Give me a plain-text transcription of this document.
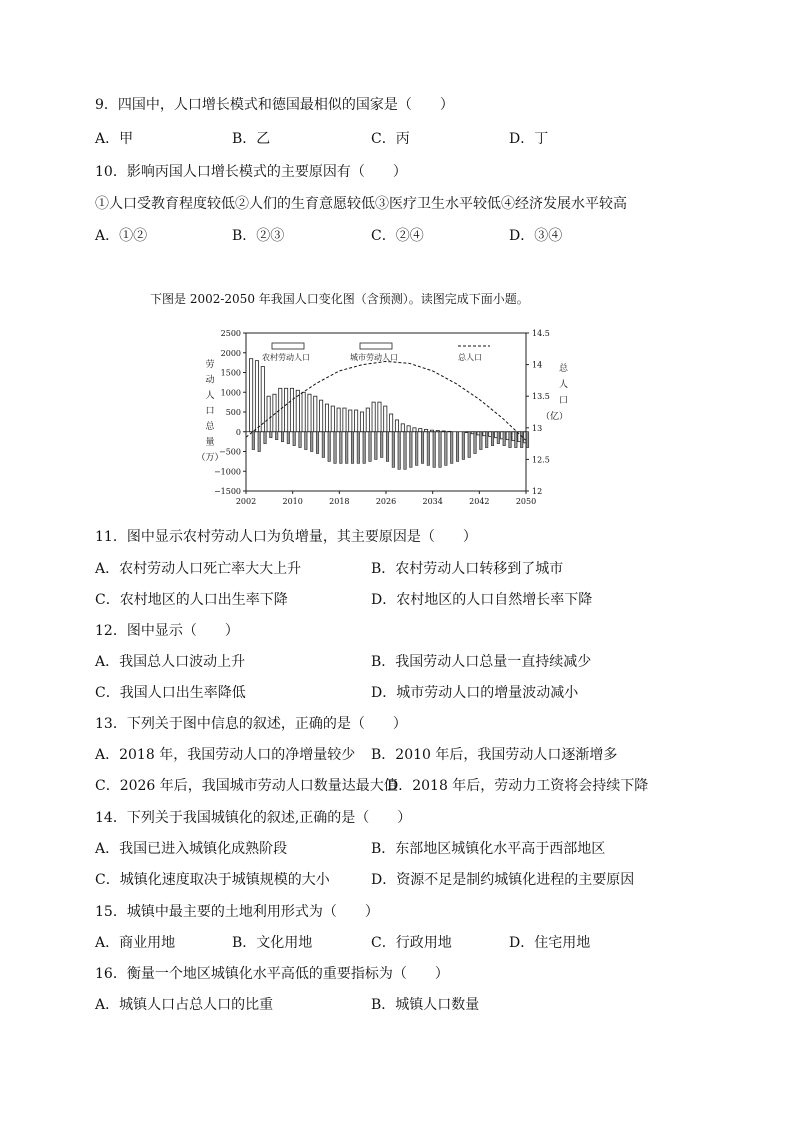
9．四国中，人口增长模式和德国最相似的国家是（　　）
A．甲	B．乙	C．丙	D．丁
10．影响丙国人口增长模式的主要原因有（　　）
①人口受教育程度较低②人们的生育意愿较低③医疗卫生水平较低④经济发展水平较高
A．①②	B．②③	C．②④	D．③④
11．图中显示农村劳动人口为负增量，其主要原因是（　　）
A．农村劳动人口死亡率大大上升	B．农村劳动人口转移到了城市
C．农村地区的人口出生率下降	D．农村地区的人口自然增长率下降
12．图中显示（　　）
A．我国总人口波动上升	B．我国劳动人口总量一直持续减少
C．我国人口出生率降低	D．城市劳动人口的增量波动减小
13．下列关于图中信息的叙述，正确的是（　　）
A．2018 年，我国劳动人口的净增量较少 B．2010 年后，我国劳动人口逐渐增多
C．2026 年后，我国城市劳动人口数量达最大值
D．2018 年后，劳动力工资将会持续下降
14．下列关于我国城镇化的叙述,正确的是（　　）
A．我国已进入城镇化成熟阶段	B．东部地区城镇化水平高于西部地区
C．城镇化速度取决于城镇规模的大小	D．资源不足是制约城镇化进程的主要原因
15．城镇中最主要的土地利用形式为（　　）
A．商业用地	B．文化用地	C．行政用地	D．住宅用地
16．衡量一个地区城镇化水平高低的重要指标为（　　）
A．城镇人口占总人口的比重	B．城镇人口数量
下图是 2002-2050 年我国人口变化图（含预测）。读图完成下面小题。
2500
2000
1500
1000
500
0
−500
−1000
−1500
14.5
14
13.5
13
12.5
12
2002	2010	2018	2026	2034	2042	2050
劳
动
人
口
总
量
（万）
总
人
口
（亿）
农村劳动人口	城市劳动人口	总人口
